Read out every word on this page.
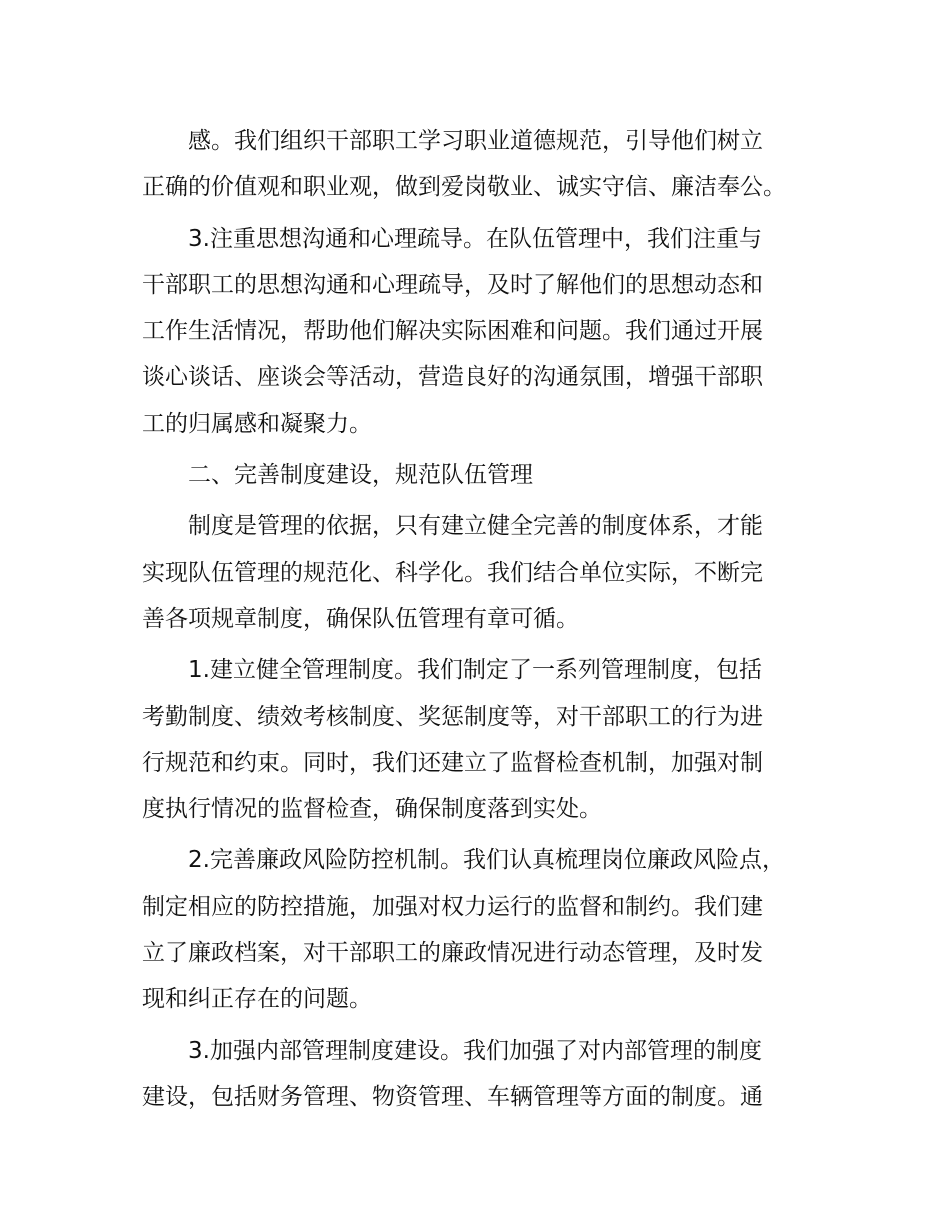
感。我们组织干部职工学习职业道德规范，引导他们树立
正确的价值观和职业观，做到爱岗敬业、诚实守信、廉洁奉公。
3.注重思想沟通和心理疏导。在队伍管理中，我们注重与
干部职工的思想沟通和心理疏导，及时了解他们的思想动态和
工作生活情况，帮助他们解决实际困难和问题。我们通过开展
谈心谈话、座谈会等活动，营造良好的沟通氛围，增强干部职
工的归属感和凝聚力。
二、完善制度建设，规范队伍管理
制度是管理的依据，只有建立健全完善的制度体系，才能
实现队伍管理的规范化、科学化。我们结合单位实际，不断完
善各项规章制度，确保队伍管理有章可循。
1.建立健全管理制度。我们制定了一系列管理制度，包括
考勤制度、绩效考核制度、奖惩制度等，对干部职工的行为进
行规范和约束。同时，我们还建立了监督检查机制，加强对制
度执行情况的监督检查，确保制度落到实处。
2.完善廉政风险防控机制。我们认真梳理岗位廉政风险点，
制定相应的防控措施，加强对权力运行的监督和制约。我们建
立了廉政档案，对干部职工的廉政情况进行动态管理，及时发
现和纠正存在的问题。
3.加强内部管理制度建设。我们加强了对内部管理的制度
建设，包括财务管理、物资管理、车辆管理等方面的制度。通
